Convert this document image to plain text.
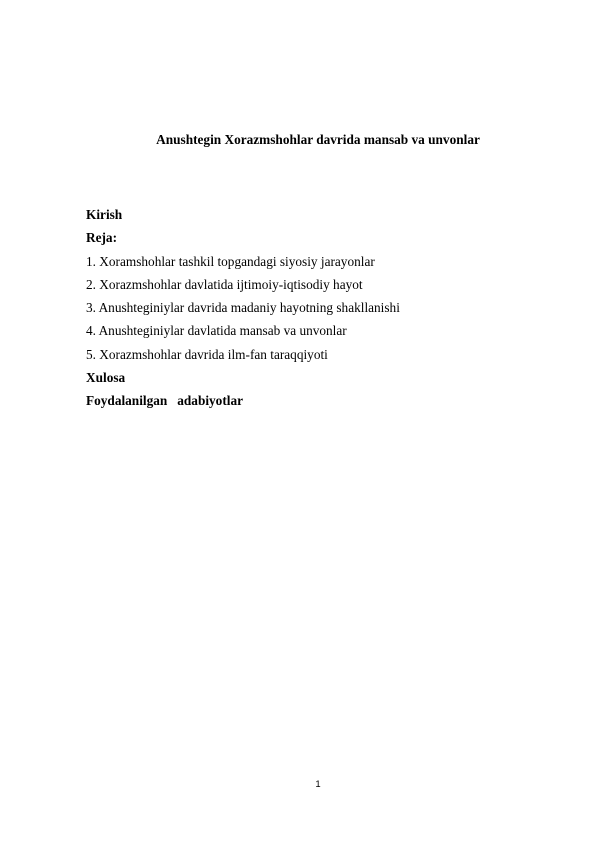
Anushtegin Xorazmshohlar davrida mansab va unvonlar
Kirish
Reja:
1. Xoramshohlar tashkil topgandagi siyosiy jarayonlar
2. Xorazmshohlar davlatida ijtimoiy-iqtisodiy hayot
3. Anushteginiylar davrida madaniy hayotning shakllanishi
4. Anushteginiylar davlatida mansab va unvonlar
5. Xorazmshohlar davrida ilm-fan taraqqiyoti
Xulosa
Foydalanilgan   adabiyotlar
1
